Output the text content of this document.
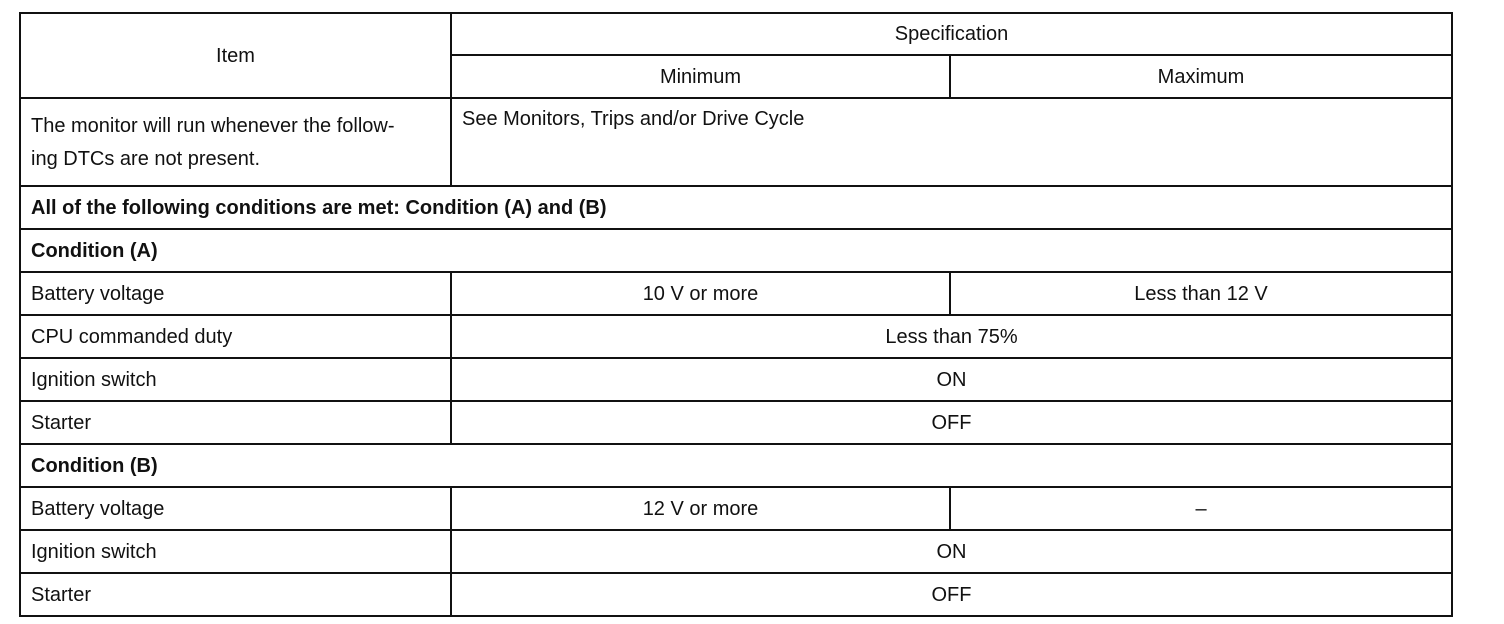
Item	Specification	
	Minimum	Maximum
The monitor will run whenever the follow-
ing DTCs are not present.	See Monitors, Trips and/or Drive Cycle	
All of the following conditions are met: Condition (A) and (B)		
Condition (A)		
Battery voltage	10 V or more	Less than 12 V
CPU commanded duty	Less than 75%	
Ignition switch	ON	
Starter	OFF	
Condition (B)		
Battery voltage	12 V or more	–
Ignition switch	ON	
Starter	OFF	
